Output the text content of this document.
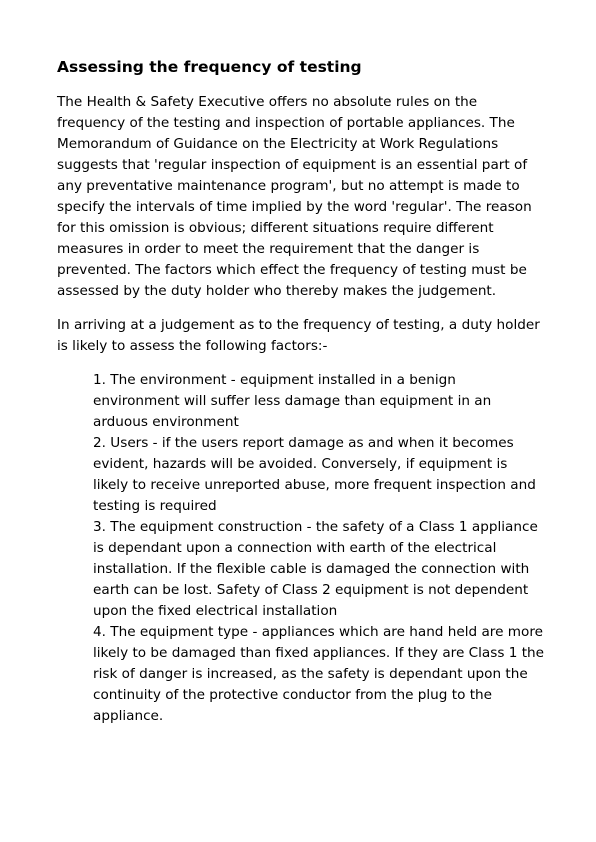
Assessing the frequency of testing

The Health & Safety Executive offers no absolute rules on the frequency of the testing and inspection of portable appliances. The Memorandum of Guidance on the Electricity at Work Regulations suggests that 'regular inspection of equipment is an essential part of any preventative maintenance program', but no attempt is made to specify the intervals of time implied by the word 'regular'. The reason for this omission is obvious; different situations require different measures in order to meet the requirement that the danger is prevented. The factors which effect the frequency of testing must be assessed by the duty holder who thereby makes the judgement.

In arriving at a judgement as to the frequency of testing, a duty holder is likely to assess the following factors:-

1. The environment - equipment installed in a benign environment will suffer less damage than equipment in an arduous environment

2. Users - if the users report damage as and when it becomes evident, hazards will be avoided. Conversely, if equipment is likely to receive unreported abuse, more frequent inspection and testing is required

3. The equipment construction - the safety of a Class 1 appliance is dependant upon a connection with earth of the electrical installation. If the flexible cable is damaged the connection with earth can be lost. Safety of Class 2 equipment is not dependent upon the fixed electrical installation

4. The equipment type - appliances which are hand held are more likely to be damaged than fixed appliances. If they are Class 1 the risk of danger is increased, as the safety is dependant upon the continuity of the protective conductor from the plug to the appliance.
